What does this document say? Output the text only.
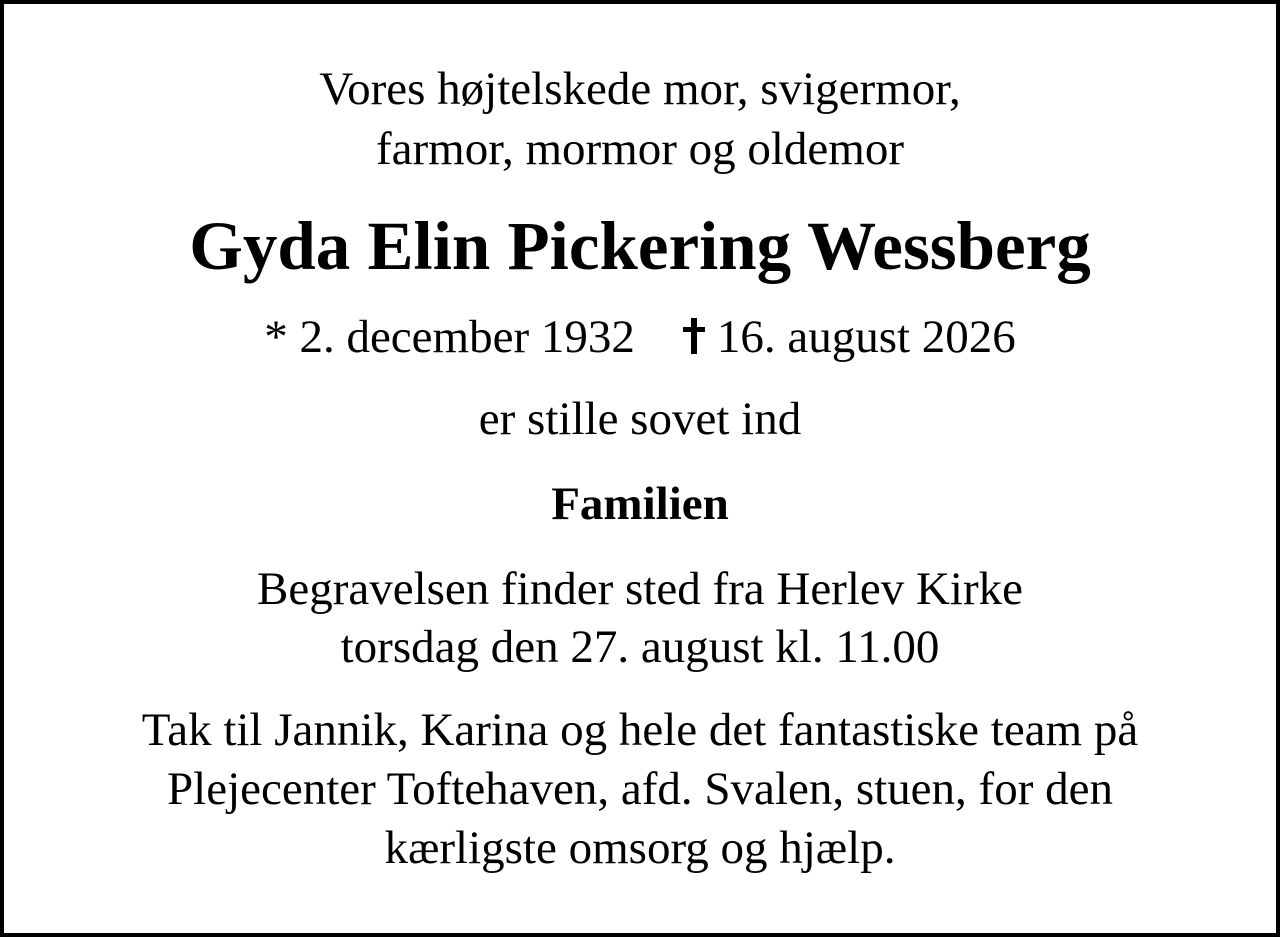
Vores højtelskede mor, svigermor,
farmor, mormor og oldemor
Gyda Elin Pickering Wessberg
* 2. december 1932 16. august 2026
er stille sovet ind
Familien
Begravelsen finder sted fra Herlev Kirke
torsdag den 27. august kl. 11.00
Tak til Jannik, Karina og hele det fantastiske team på
Plejecenter Toftehaven, afd. Svalen, stuen, for den
kærligste omsorg og hjælp.
